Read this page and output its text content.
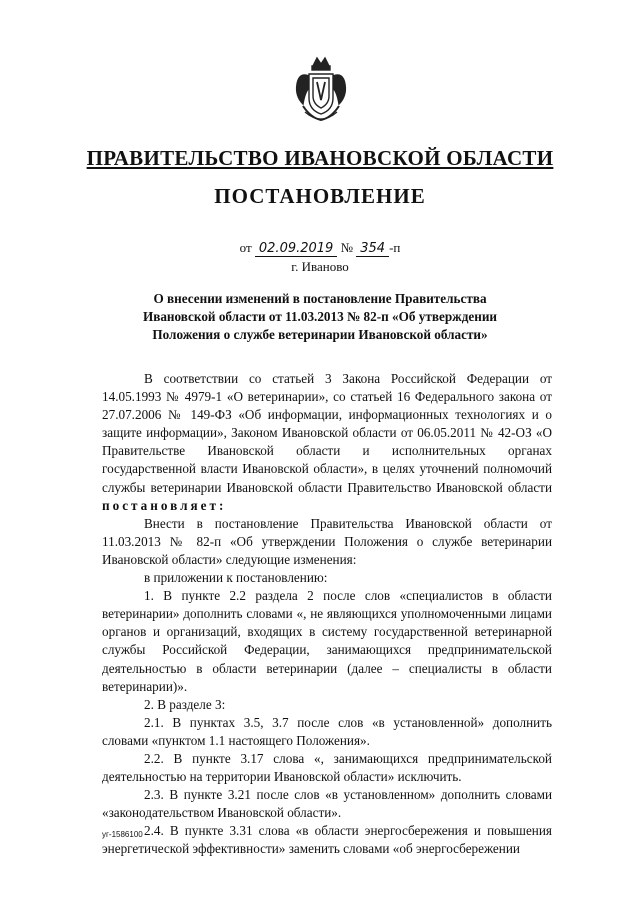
ПРАВИТЕЛЬСТВО ИВАНОВСКОЙ ОБЛАСТИ
ПОСТАНОВЛЕНИЕ
от 02.09.2019 № 354 -п
г. Иваново
О внесении изменений в постановление Правительства Ивановской области от 11.03.2013 № 82-п «Об утверждении Положения о службе ветеринарии Ивановской области»

В соответствии со статьей 3 Закона Российской Федерации от 14.05.1993 № 4979-1 «О ветеринарии», со статьей 16 Федерального закона от 27.07.2006 № 149-ФЗ «Об информации, информационных технологиях и о защите информации», Законом Ивановской области от 06.05.2011 № 42-ОЗ «О Правительстве Ивановской области и исполнительных органах государственной власти Ивановской области», в целях уточнений полномочий службы ветеринарии Ивановской области Правительство Ивановской области постановляет:

Внести в постановление Правительства Ивановской области от 11.03.2013 № 82-п «Об утверждении Положения о службе ветеринарии Ивановской области» следующие изменения:

в приложении к постановлению:

1. В пункте 2.2 раздела 2 после слов «специалистов в области ветеринарии» дополнить словами «, не являющихся уполномоченными лицами органов и организаций, входящих в систему государственной ветеринарной службы Российской Федерации, занимающихся предпринимательской деятельностью в области ветеринарии (далее – специалисты в области ветеринарии)».

2. В разделе 3:

2.1. В пунктах 3.5, 3.7 после слов «в установленной» дополнить словами «пунктом 1.1 настоящего Положения».

2.2. В пункте 3.17 слова «, занимающихся предпринимательской деятельностью на территории Ивановской области» исключить.

2.3. В пункте 3.21 после слов «в установленном» дополнить словами «законодательством Ивановской области».

2.4. В пункте 3.31 слова «в области энергосбережения и повышения энергетической эффективности» заменить словами «об энергосбережении

уг-1586100
